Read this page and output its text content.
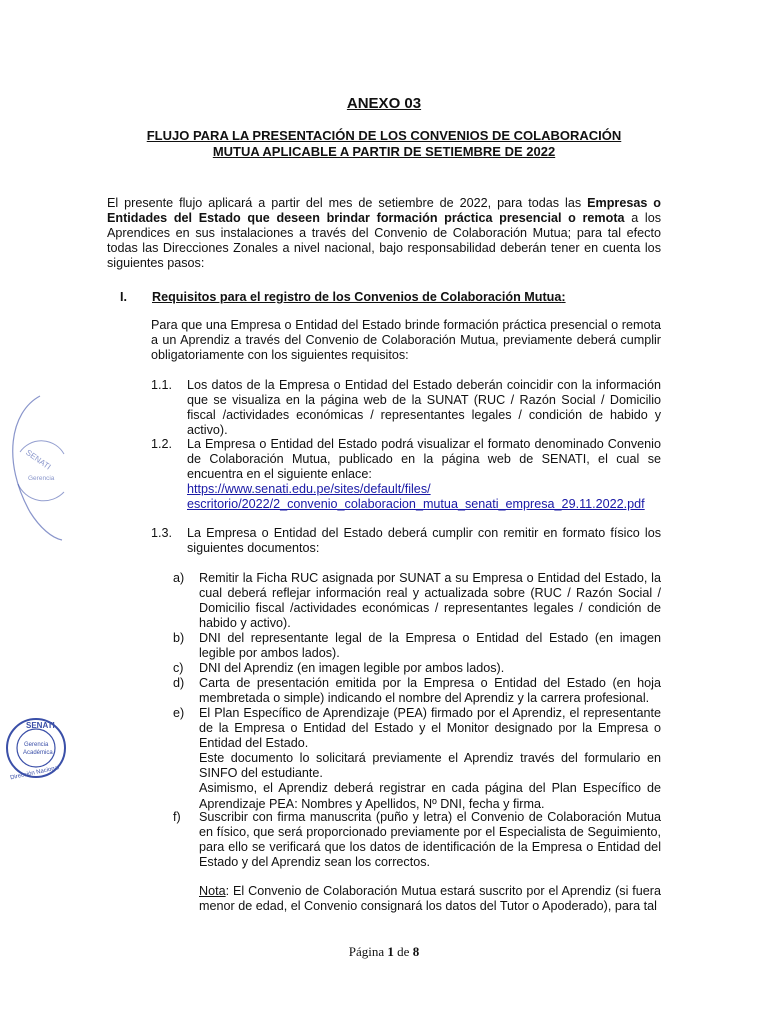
ANEXO 03
FLUJO PARA LA PRESENTACIÓN DE LOS CONVENIOS DE COLABORACIÓN
MUTUA APLICABLE A PARTIR DE SETIEMBRE DE 2022
El presente flujo aplicará a partir del mes de setiembre de 2022, para todas las Empresas o Entidades del Estado que deseen brindar formación práctica presencial o remota a los Aprendices en sus instalaciones a través del Convenio de Colaboración Mutua; para tal efecto todas las Direcciones Zonales a nivel nacional, bajo responsabilidad deberán tener en cuenta los siguientes pasos:
I. Requisitos para el registro de los Convenios de Colaboración Mutua:
Para que una Empresa o Entidad del Estado brinde formación práctica presencial o remota a un Aprendiz a través del Convenio de Colaboración Mutua, previamente deberá cumplir obligatoriamente con los siguientes requisitos:
1.1. Los datos de la Empresa o Entidad del Estado deberán coincidir con la información que se visualiza en la página web de la SUNAT (RUC / Razón Social / Domicilio fiscal /actividades económicas / representantes legales / condición de habido y activo).
1.2. La Empresa o Entidad del Estado podrá visualizar el formato denominado Convenio de Colaboración Mutua, publicado en la página web de SENATI, el cual se encuentra en el siguiente enlace:
https://www.senati.edu.pe/sites/default/files/
escritorio/2022/2_convenio_colaboracion_mutua_senati_empresa_29.11.2022.pdf
1.3. La Empresa o Entidad del Estado deberá cumplir con remitir en formato físico los siguientes documentos:
a) Remitir la Ficha RUC asignada por SUNAT a su Empresa o Entidad del Estado, la cual deberá reflejar información real y actualizada sobre (RUC / Razón Social / Domicilio fiscal /actividades económicas / representantes legales / condición de habido y activo).
b) DNI del representante legal de la Empresa o Entidad del Estado (en imagen legible por ambos lados).
c) DNI del Aprendiz (en imagen legible por ambos lados).
d) Carta de presentación emitida por la Empresa o Entidad del Estado (en hoja membretada o simple) indicando el nombre del Aprendiz y la carrera profesional.
e) El Plan Específico de Aprendizaje (PEA) firmado por el Aprendiz, el representante de la Empresa o Entidad del Estado y el Monitor designado por la Empresa o Entidad del Estado.
Este documento lo solicitará previamente el Aprendiz través del formulario en SINFO del estudiante.
Asimismo, el Aprendiz deberá registrar en cada página del Plan Específico de Aprendizaje PEA: Nombres y Apellidos, Nº DNI, fecha y firma.
f) Suscribir con firma manuscrita (puño y letra) el Convenio de Colaboración Mutua en físico, que será proporcionado previamente por el Especialista de Seguimiento, para ello se verificará que los datos de identificación de la Empresa o Entidad del Estado y del Aprendiz sean los correctos.
Nota: El Convenio de Colaboración Mutua estará suscrito por el Aprendiz (si fuera menor de edad, el Convenio consignará los datos del Tutor o Apoderado), para tal
SENATI
Gerencia
SENATI
Gerencia
Académica
Dirección Nacional
Página 1 de 8
